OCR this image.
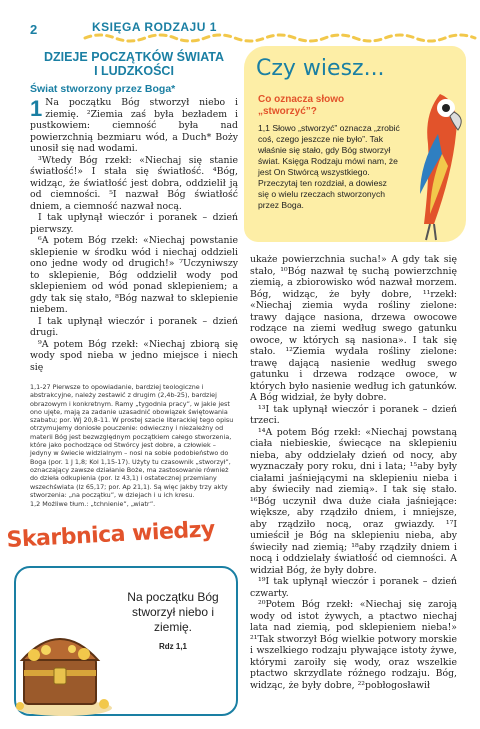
2	KSIĘGA RODZAJU 1
DZIEJE POCZĄTKÓW ŚWIATA
I LUDZKOŚCI
Świat stworzony przez Boga*

1 Na początku Bóg stworzył niebo i ziemię. ²Ziemia zaś była bezładem i pustkowiem: ciemność była nad powierzchnią bezmiaru wód, a Duch* Boży unosił się nad wodami.

³Wtedy Bóg rzekł: «Niechaj się stanie światłość!» I stała się światłość. ⁴Bóg, widząc, że światłość jest dobra, oddzielił ją od ciemności. ⁵I nazwał Bóg światłość dniem, a ciemność nazwał nocą.

I tak upłynął wieczór i poranek – dzień pierwszy.

⁶A potem Bóg rzekł: «Niechaj powstanie sklepienie w środku wód i niechaj oddzieli ono jedne wody od drugich!» ⁷Uczyniwszy to sklepienie, Bóg oddzielił wody pod sklepieniem od wód ponad sklepieniem; a gdy tak się stało, ⁸Bóg nazwał to sklepienie niebem.

I tak upłynął wieczór i poranek – dzień drugi.

⁹A potem Bóg rzekł: «Niechaj zbiorą się wody spod nieba w jedno miejsce i niech się

1,1-27 Pierwsze to opowiadanie, bardziej teologiczne i abstrakcyjne, należy zestawić z drugim (2,4b-25), bardziej obrazowym i konkretnym. Ramy „tygodnia pracy”, w jakie jest ono ujęte, mają za zadanie uzasadnić obowiązek świętowania szabatu; por. Wj 20,8-11. W prostej szacie literackiej tego opisu otrzymujemy doniosłe pouczenie: odwieczny i niezależny od materii Bóg jest bezwzględnym początkiem całego stworzenia, które jako pochodzące od Stwórcy jest dobre, a człowiek – jedyny w świecie widzialnym – nosi na sobie podobieństwo do Boga (por. 1 J 1,8; Kol 1,15-17). Użyty tu czasownik „stworzył”, oznaczający zawsze działanie Boże, ma zastosowanie również do dzieła odkupienia (por. Iz 43,1) i ostatecznej przemiany wszechświata (Iz 65,17; por. Ap 21,1). Są więc jakby trzy akty stworzenia: „na początku”, w dziejach i u ich kresu.

1,2 Możliwe tłum.: „tchnienie”, „wiatr”.

Na początku Bóg stworzył niebo i ziemię.
Rdz 1,1
Skarbnica wiedzy
Czy wiesz...
Co oznacza słowo „stworzyć”?
1,1 Słowo „stworzyć” oznacza „zrobić coś, czego jeszcze nie było”. Tak właśnie się stało, gdy Bóg stworzył świat. Księga Rodzaju mówi nam, że jest On Stwórcą wszystkiego. Przeczytaj ten rozdział, a dowiesz się o wielu rzeczach stworzonych przez Boga.

ukaże powierzchnia sucha!» A gdy tak się stało, ¹⁰Bóg nazwał tę suchą powierzchnię ziemią, a zbiorowisko wód nazwał morzem. Bóg, widząc, że były dobre, ¹¹rzekł: «Niechaj ziemia wyda rośliny zielone: trawy dające nasiona, drzewa owocowe rodzące na ziemi według swego gatunku owoce, w których są nasiona». I tak się stało. ¹²Ziemia wydała rośliny zielone: trawę dającą nasienie według swego gatunku i drzewa rodzące owoce, w których było nasienie według ich gatunków. A Bóg widział, że były dobre.

¹³I tak upłynął wieczór i poranek – dzień trzeci.

¹⁴A potem Bóg rzekł: «Niechaj powstaną ciała niebieskie, świecące na sklepieniu nieba, aby oddzielały dzień od nocy, aby wyznaczały pory roku, dni i lata; ¹⁵aby były ciałami jaśniejącymi na sklepieniu nieba i aby świeciły nad ziemią». I tak się stało. ¹⁶Bóg uczynił dwa duże ciała jaśniejące: większe, aby rządziło dniem, i mniejsze, aby rządziło nocą, oraz gwiazdy. ¹⁷I umieścił je Bóg na sklepieniu nieba, aby świeciły nad ziemią; ¹⁸aby rządziły dniem i nocą i oddzielały światłość od ciemności. A widział Bóg, że były dobre.

¹⁹I tak upłynął wieczór i poranek – dzień czwarty.

²⁰Potem Bóg rzekł: «Niechaj się zaroją wody od istot żywych, a ptactwo niechaj lata nad ziemią, pod sklepieniem nieba!» ²¹Tak stworzył Bóg wielkie potwory morskie i wszelkiego rodzaju pływające istoty żywe, którymi zaroiły się wody, oraz wszelkie ptactwo skrzydlate różnego rodzaju. Bóg, widząc, że były dobre, ²²pobłogosławił
